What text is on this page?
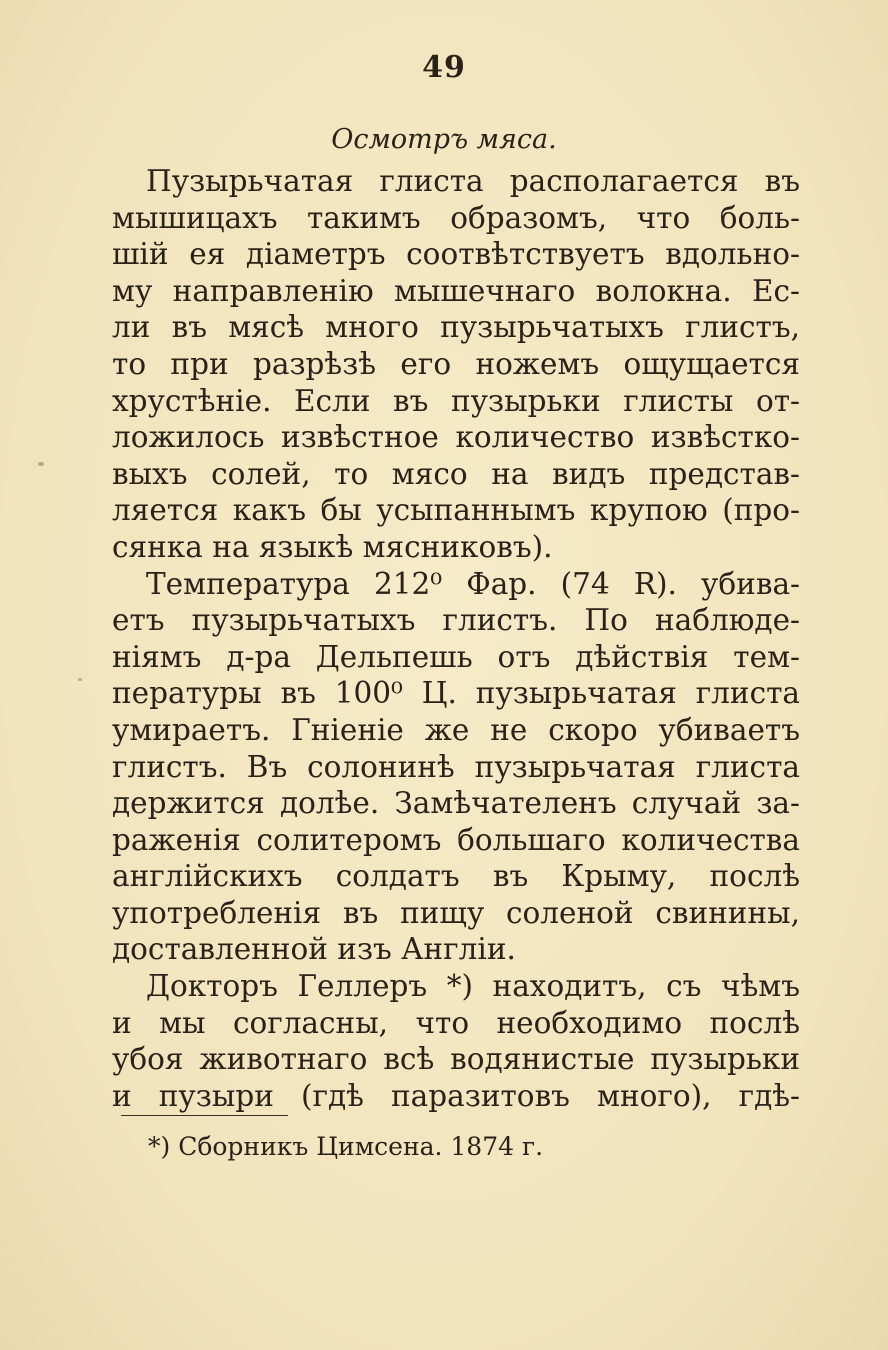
49
Осмотръ мяса.
Пузырьчатая глиста располагается въ
мышицахъ такимъ образомъ, что боль-
шій ея діаметръ соотвѣтствуетъ вдольно-
му направленію мышечнаго волокна. Ес-
ли въ мясѣ много пузырьчатыхъ глистъ,
то при разрѣзѣ его ножемъ ощущается
хрустѣніе. Если въ пузырьки глисты от-
ложилось извѣстное количество извѣстко-
выхъ солей, то мясо на видъ представ-
ляется какъ бы усыпаннымъ крупою (про-
сянка на языкѣ мясниковъ).
Температура 212⁰ Фар. (74 R). убива-
етъ пузырьчатыхъ глистъ. По наблюде-
ніямъ д-ра Дельпешь отъ дѣйствія тем-
пературы въ 100⁰ Ц. пузырьчатая глиста
умираетъ. Гніеніе же не скоро убиваетъ
глистъ. Въ солонинѣ пузырьчатая глиста
держится долѣе. Замѣчателенъ случай за-
раженія солитеромъ большаго количества
англійскихъ солдатъ въ Крыму, послѣ
употребленія въ пищу соленой свинины,
доставленной изъ Англіи.
Докторъ Геллеръ *) находитъ, съ чѣмъ
и мы согласны, что необходимо послѣ
убоя животнаго всѣ водянистые пузырьки
и пузыри (гдѣ паразитовъ много), гдѣ-
*) Сборникъ Цимсена. 1874 г.
